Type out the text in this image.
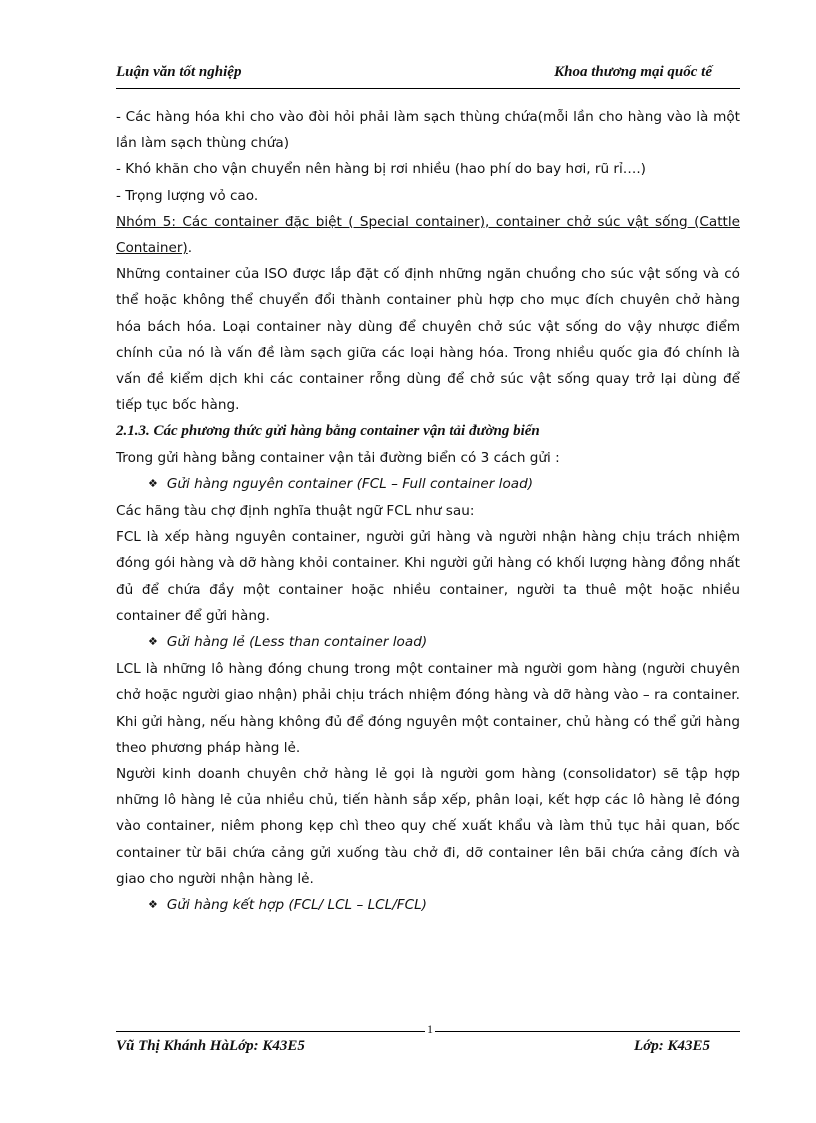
Luận văn tốt nghiệp	Khoa thương mại quốc tế

- Các hàng hóa khi cho vào đòi hỏi phải làm sạch thùng chứa(mỗi lần cho hàng vào là một lần làm sạch thùng chứa)

- Khó khăn cho vận chuyển nên hàng bị rơi nhiều (hao phí do bay hơi, rũ rỉ….)

- Trọng lượng vỏ cao.

Nhóm 5: Các container đặc biệt ( Special container), container chở súc vật sống (Cattle Container).

Những container của ISO được lắp đặt cố định những ngăn chuồng cho súc vật sống và có thể hoặc không thể chuyển đổi thành container phù hợp cho mục đích chuyên chở hàng hóa bách hóa. Loại container này dùng để chuyên chở súc vật sống do vậy nhược điểm chính của nó là vấn đề làm sạch giữa các loại hàng hóa. Trong nhiều quốc gia đó chính là vấn đề kiểm dịch khi các container rỗng dùng để chở súc vật sống quay trở lại dùng để tiếp tục bốc hàng.

2.1.3. Các phương thức gửi hàng bằng container vận tải đường biển

Trong gửi hàng bằng container vận tải đường biển có 3 cách gửi :

❖ Gửi hàng nguyên container (FCL – Full container load)

Các hãng tàu chợ định nghĩa thuật ngữ FCL như sau:

FCL là xếp hàng nguyên container, người gửi hàng và người nhận hàng chịu trách nhiệm đóng gói hàng và dỡ hàng khỏi container. Khi người gửi hàng có khối lượng hàng đồng nhất đủ để chứa đầy một container hoặc nhiều container, người ta thuê một hoặc nhiều container để gửi hàng.

❖ Gửi hàng lẻ (Less than container load)

LCL là những lô hàng đóng chung trong một container mà người gom hàng (người chuyên chở hoặc người giao nhận) phải chịu trách nhiệm đóng hàng và dỡ hàng vào – ra container. Khi gửi hàng, nếu hàng không đủ để đóng nguyên một container, chủ hàng có thể gửi hàng theo phương pháp hàng lẻ.

Người kinh doanh chuyên chở hàng lẻ gọi là người gom hàng (consolidator) sẽ tập hợp những lô hàng lẻ của nhiều chủ, tiến hành sắp xếp, phân loại, kết hợp các lô hàng lẻ đóng vào container, niêm phong kẹp chì theo quy chế xuất khẩu và làm thủ tục hải quan, bốc container từ bãi chứa cảng gửi xuống tàu chở đi, dỡ container lên bãi chứa cảng đích và giao cho người nhận hàng lẻ.

❖ Gửi hàng kết hợp (FCL/ LCL – LCL/FCL)

1
Vũ Thị Khánh HàLớp: K43E5	Lớp: K43E5
